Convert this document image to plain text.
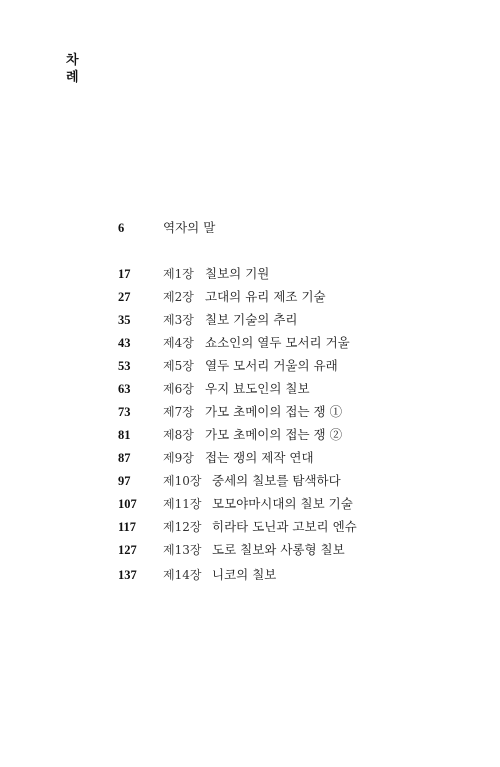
차
례
6	역자의 말
17	제1장 칠보의 기원
27	제2장 고대의 유리 제조 기술
35	제3장 칠보 기술의 추리
43	제4장 쇼소인의 열두 모서리 거울
53	제5장 열두 모서리 거울의 유래
63	제6장 우지 뵤도인의 칠보
73	제7장 가모 초메이의 접는 쟁 ①
81	제8장 가모 초메이의 접는 쟁 ②
87	제9장 접는 쟁의 제작 연대
97	제10장 중세의 칠보를 탐색하다
107 제11장 모모야마시대의 칠보 기술
117 제12장 히라타 도닌과 고보리 엔슈
127 제13장 도로 칠보와 사롱형 칠보
137 제14장 니코의 칠보
